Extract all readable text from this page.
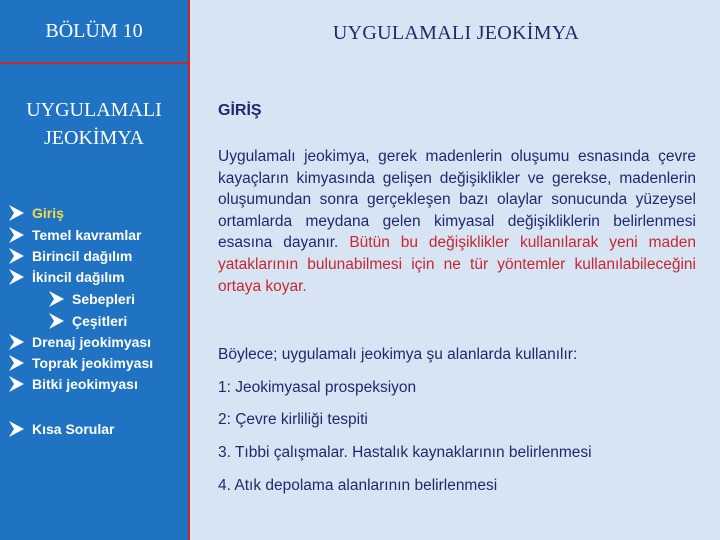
BÖLÜM 10
UYGULAMALI
JEOKİMYA
Giriş
Temel kavramlar
Birincil dağılım
İkincil dağılım
Sebepleri
Çeşitleri
Drenaj jeokimyası
Toprak jeokimyası
Bitki jeokimyası
Kısa Sorular
UYGULAMALI JEOKİMYA
GİRİŞ

Uygulamalı jeokimya, gerek madenlerin oluşumu esnasında çevre kayaçların kimyasında gelişen değişiklikler ve gerekse, madenlerin oluşumundan sonra gerçekleşen bazı olaylar sonucunda yüzeysel ortamlarda meydana gelen kimyasal değişikliklerin belirlenmesi esasına dayanır. Bütün bu değişiklikler kullanılarak yeni maden yataklarının bulunabilmesi için ne tür yöntemler kullanılabileceğini ortaya koyar.

Böylece; uygulamalı jeokimya şu alanlarda kullanılır:

1: Jeokimyasal prospeksiyon

2: Çevre kirliliği tespiti

3. Tıbbi çalışmalar. Hastalık kaynaklarının belirlenmesi

4. Atık depolama alanlarının belirlenmesi
